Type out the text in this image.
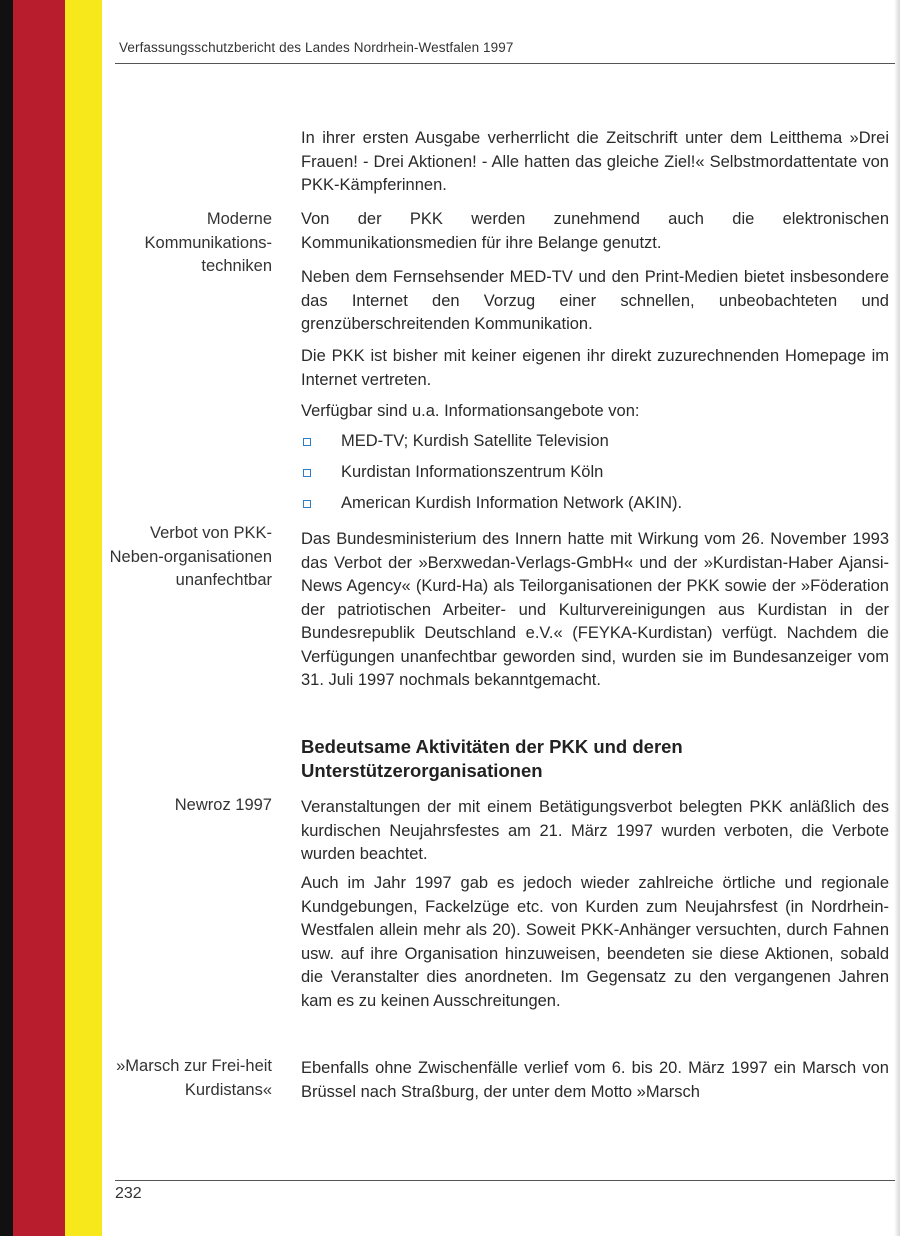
Verfassungsschutzbericht des Landes Nordrhein-Westfalen 1997
Moderne Kommunikations-techniken
Verbot von PKK-Neben-organisationen unanfechtbar
Newroz 1997
»Marsch zur Frei-heit Kurdistans«

In ihrer ersten Ausgabe verherrlicht die Zeitschrift unter dem Leitthema »Drei Frauen! - Drei Aktionen! - Alle hatten das gleiche Ziel!« Selbstmordattentate von PKK-Kämpferinnen.

Von der PKK werden zunehmend auch die elektronischen Kommunikationsmedien für ihre Belange genutzt.

Neben dem Fernsehsender MED-TV und den Print-Medien bietet insbesondere das Internet den Vorzug einer schnellen, unbeobachteten und grenzüberschreitenden Kommunikation.

Die PKK ist bisher mit keiner eigenen ihr direkt zuzurechnenden Homepage im Internet vertreten.

Verfügbar sind u.a. Informationsangebote von:

MED-TV; Kurdish Satellite Television
Kurdistan Informationszentrum Köln
American Kurdish Information Network (AKIN).

Das Bundesministerium des Innern hatte mit Wirkung vom 26. November 1993 das Verbot der »Berxwedan-Verlags-GmbH« und der »Kurdistan-Haber Ajansi-News Agency« (Kurd-Ha) als Teilorganisationen der PKK sowie der »Föderation der patriotischen Arbeiter- und Kulturvereinigungen aus Kurdistan in der Bundesrepublik Deutschland e.V.« (FEYKA-Kurdistan) verfügt. Nachdem die Verfügungen unanfechtbar geworden sind, wurden sie im Bundesanzeiger vom 31. Juli 1997 nochmals bekanntgemacht.

Bedeutsame Aktivitäten der PKK und deren Unterstützerorganisationen

Veranstaltungen der mit einem Betätigungsverbot belegten PKK anläßlich des kurdischen Neujahrsfestes am 21. März 1997 wurden verboten, die Verbote wurden beachtet.

Auch im Jahr 1997 gab es jedoch wieder zahlreiche örtliche und regionale Kundgebungen, Fackelzüge etc. von Kurden zum Neujahrsfest (in Nordrhein-Westfalen allein mehr als 20). Soweit PKK-Anhänger versuchten, durch Fahnen usw. auf ihre Organisation hinzuweisen, beendeten sie diese Aktionen, sobald die Veranstalter dies anordneten. Im Gegensatz zu den vergangenen Jahren kam es zu keinen Ausschreitungen.

Ebenfalls ohne Zwischenfälle verlief vom 6. bis 20. März 1997 ein Marsch von Brüssel nach Straßburg, der unter dem Motto »Marsch

232
